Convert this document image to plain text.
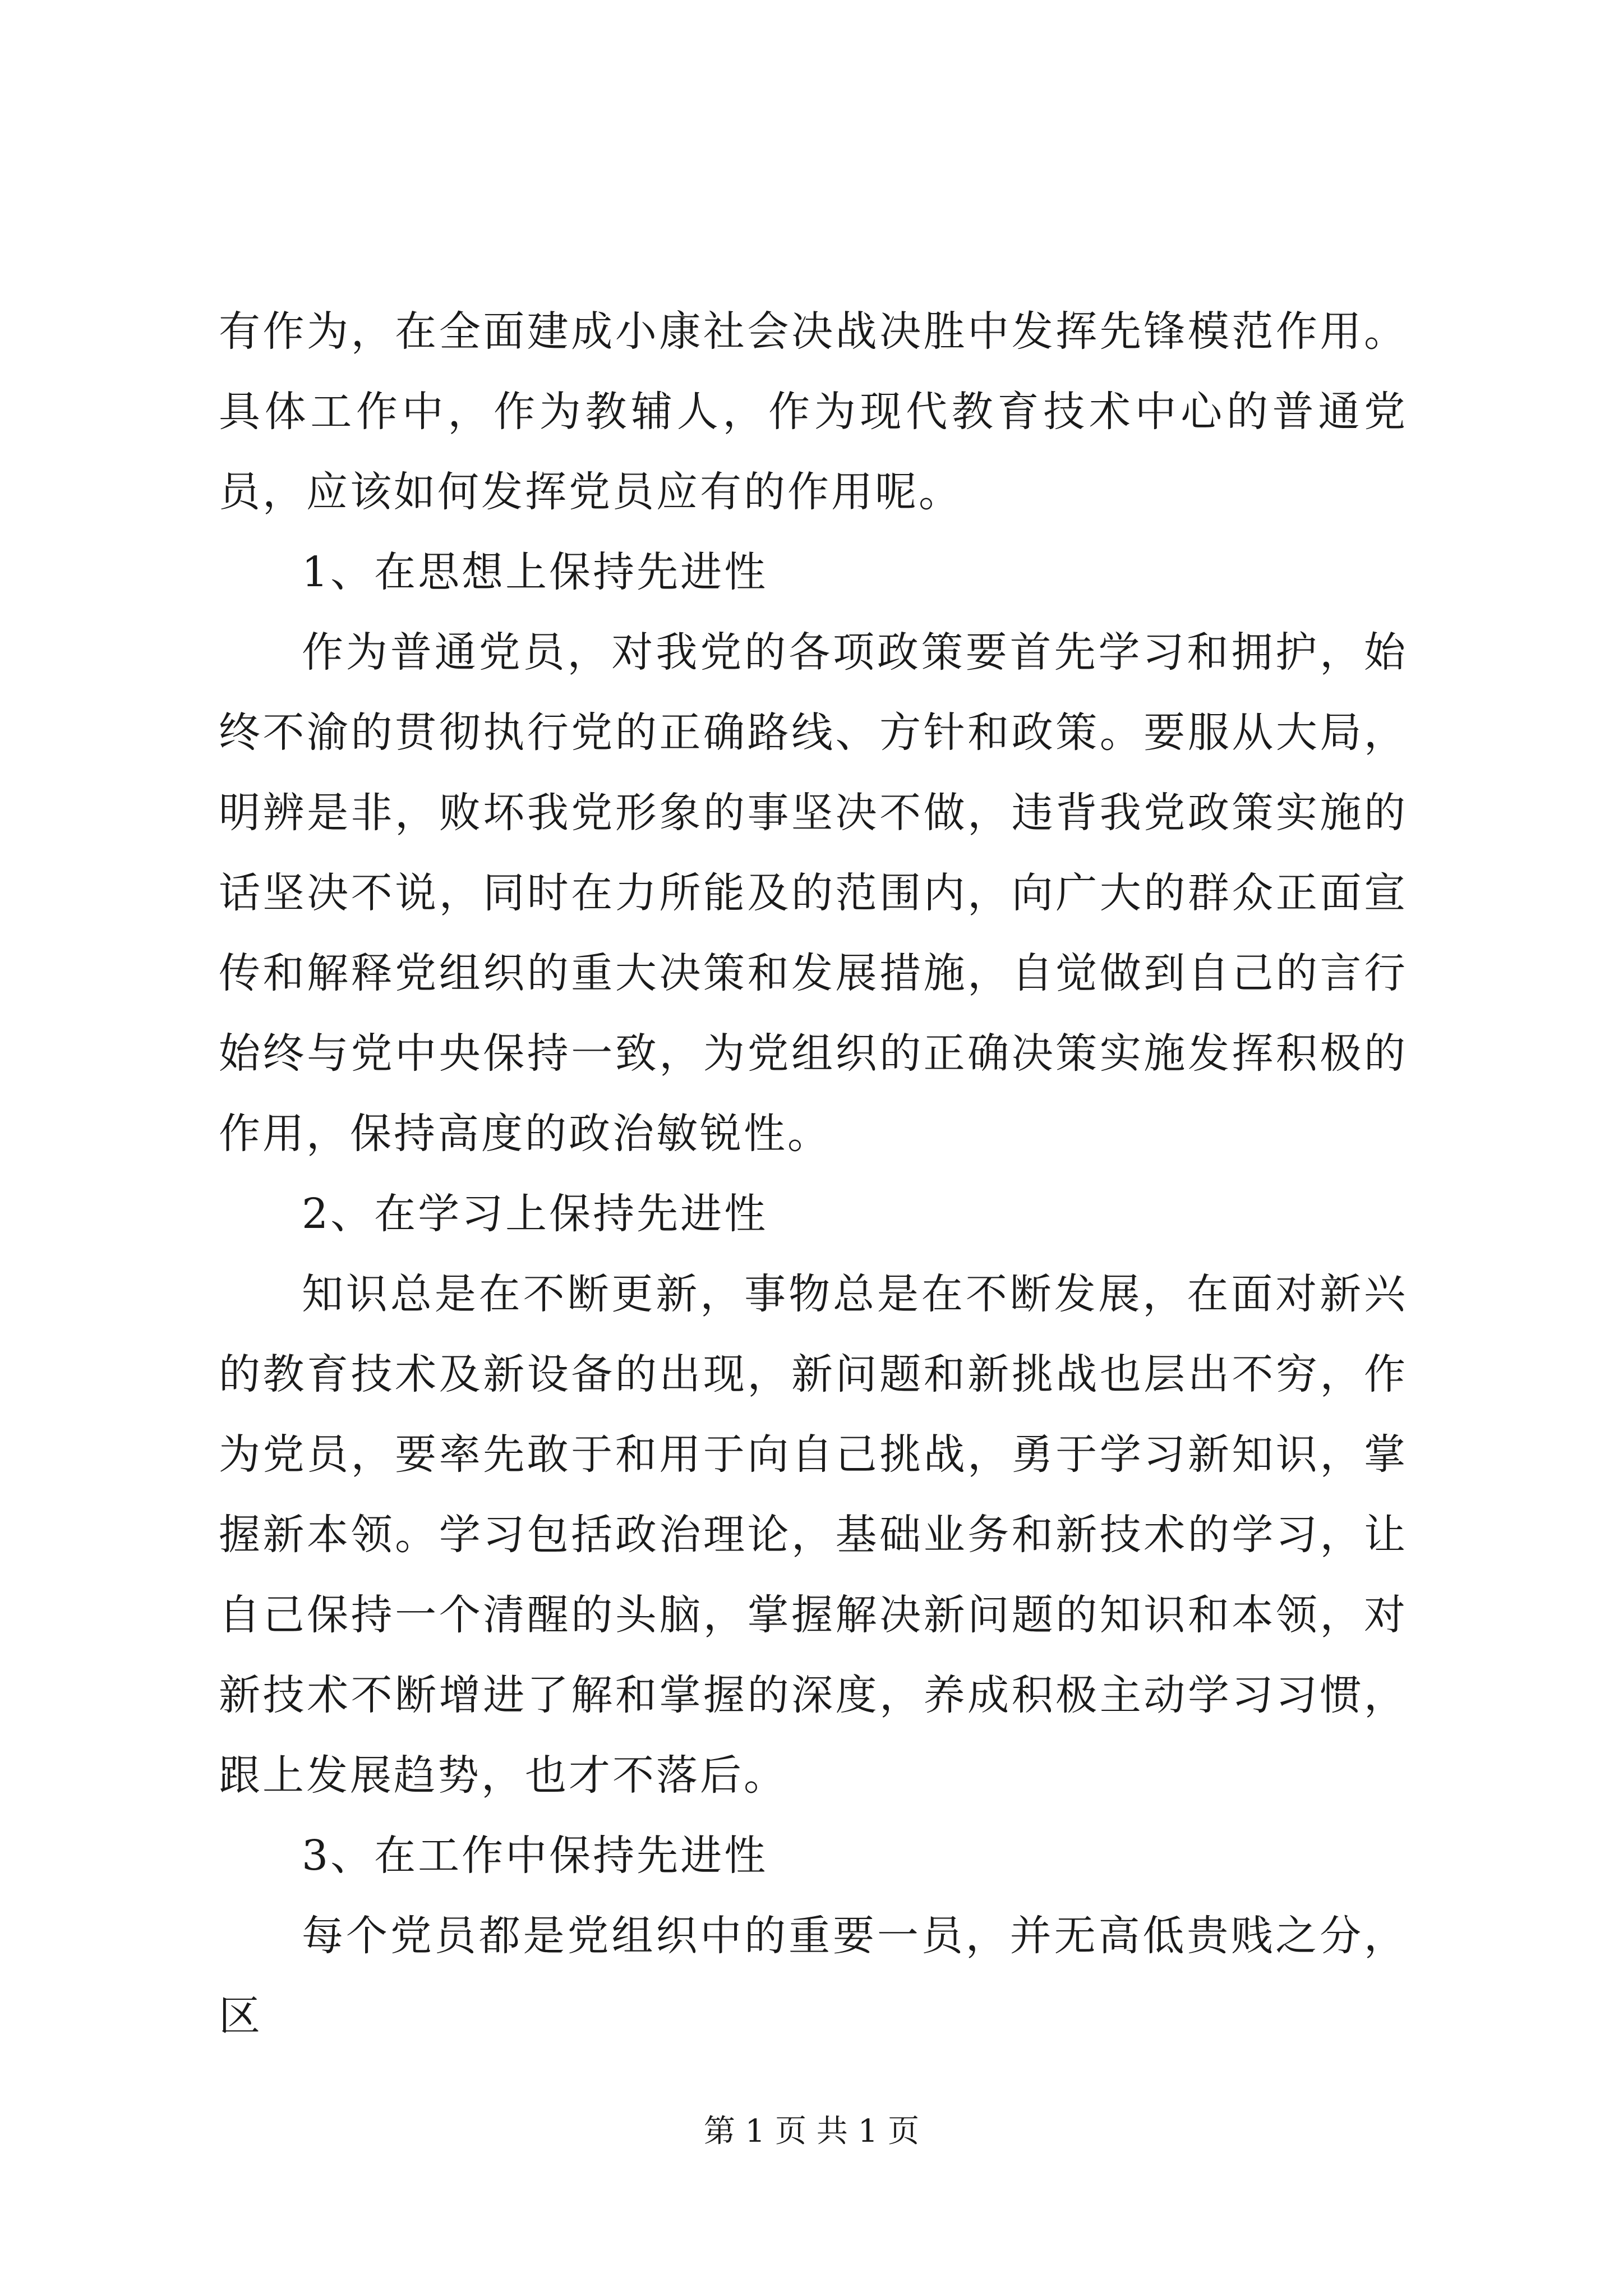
有作为，在全面建成小康社会决战决胜中发挥先锋模范作用。具体工作中，作为教辅人，作为现代教育技术中心的普通党员，应该如何发挥党员应有的作用呢。

1、在思想上保持先进性

作为普通党员，对我党的各项政策要首先学习和拥护，始终不渝的贯彻执行党的正确路线、方针和政策。要服从大局，明辨是非，败坏我党形象的事坚决不做，违背我党政策实施的话坚决不说，同时在力所能及的范围内，向广大的群众正面宣传和解释党组织的重大决策和发展措施，自觉做到自己的言行始终与党中央保持一致，为党组织的正确决策实施发挥积极的作用，保持高度的政治敏锐性。

2、在学习上保持先进性

知识总是在不断更新，事物总是在不断发展，在面对新兴的教育技术及新设备的出现，新问题和新挑战也层出不穷，作为党员，要率先敢于和用于向自己挑战，勇于学习新知识，掌握新本领。学习包括政治理论，基础业务和新技术的学习，让自己保持一个清醒的头脑，掌握解决新问题的知识和本领，对新技术不断增进了解和掌握的深度，养成积极主动学习习惯，跟上发展趋势，也才不落后。

3、在工作中保持先进性

每个党员都是党组织中的重要一员，并无高低贵贱之分，区

第 1 页 共 1 页
